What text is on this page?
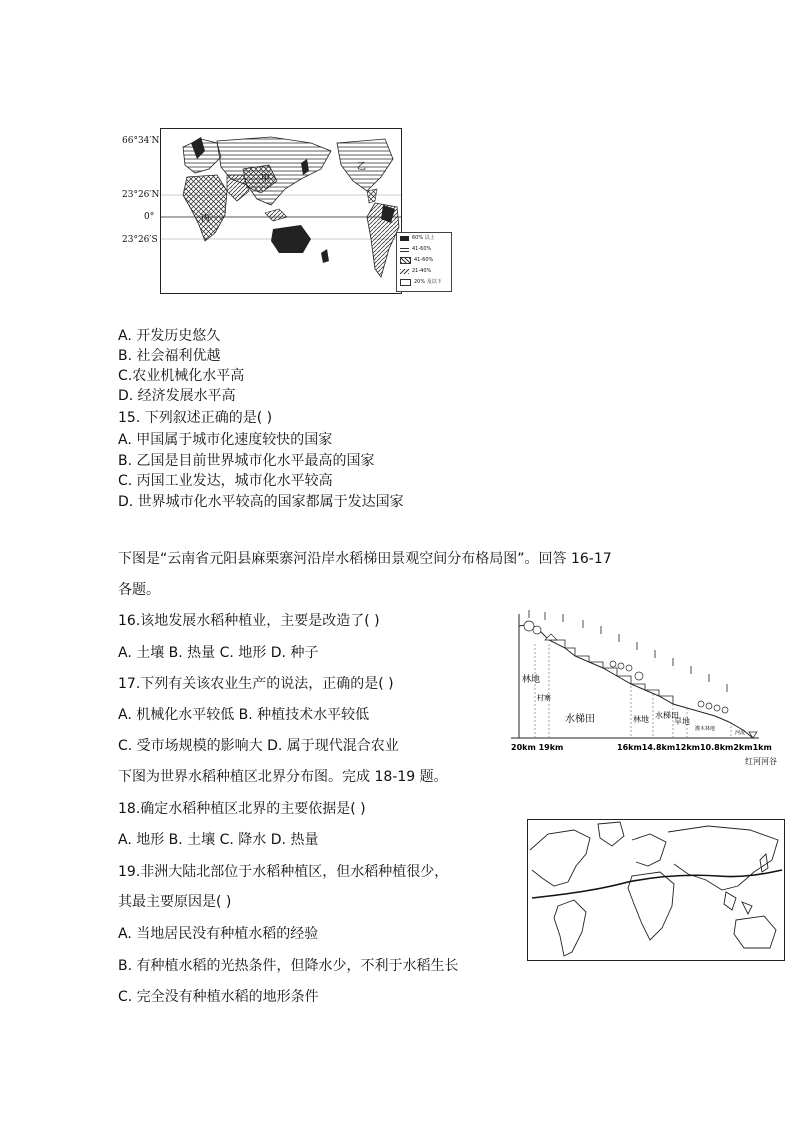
66°34′N
23°26′N
0°
23°26′S
甲
乙
丙
60% 以上
41-60%
41-60%
21-40%
20% 及以下
A. 开发历史悠久
B. 社会福利优越
C.农业机械化水平高
D. 经济发展水平高
15. 下列叙述正确的是( )
A. 甲国属于城市化速度较快的国家
B. 乙国是目前世界城市化水平最高的国家
C. 丙国工业发达，城市化水平较高
D. 世界城市化水平较高的国家都属于发达国家
下图是“云南省元阳县麻栗寨河沿岸水稻梯田景观空间分布格局图”。回答 16-17
各题。
16.该地发展水稻种植业，主要是改造了( )
A. 土壤 B. 热量 C. 地形 D. 种子
17.下列有关该农业生产的说法，正确的是( )
A. 机械化水平较低 B. 种植技术水平较低
C. 受市场规模的影响大 D. 属于现代混合农业
林地
村寨
水梯田	林地 水梯田
旱地
灌木林地
河流
20km 19km	16km14.8km12km10.8km2km1km
红河河谷
下图为世界水稻种植区北界分布图。完成 18-19 题。
18.确定水稻种植区北界的主要依据是( )
A. 地形 B. 土壤 C. 降水 D. 热量
19.非洲大陆北部位于水稻种植区，但水稻种植很少，
其最主要原因是( )
A. 当地居民没有种植水稻的经验
B. 有种植水稻的光热条件，但降水少，不利于水稻生长
C. 完全没有种植水稻的地形条件
